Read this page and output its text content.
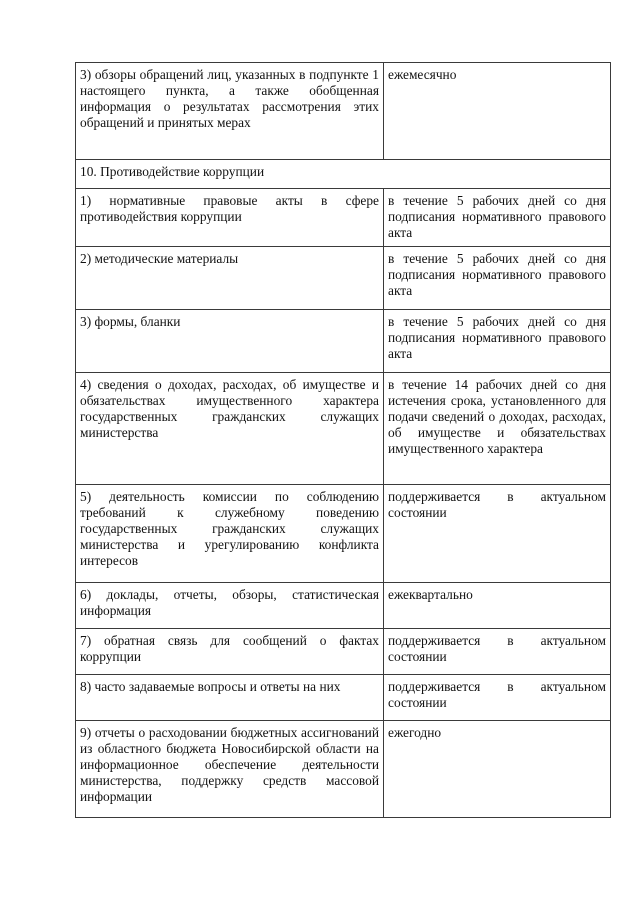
3) обзоры обращений лиц, указанных в подпункте 1 настоящего пункта, а также обобщенная информация о результатах рассмотрения этих обращений и принятых мерах	ежемесячно
10. Противодействие коррупции	
1) нормативные правовые акты в сфере противодействия коррупции	в течение 5 рабочих дней со дня подписания нормативного правового акта
2) методические материалы	в течение 5 рабочих дней со дня подписания нормативного правового акта
3) формы, бланки	в течение 5 рабочих дней со дня подписания нормативного правового акта
4) сведения о доходах, расходах, об имуществе и обязательствах имущественного характера государственных гражданских служащих министерства	в течение 14 рабочих дней со дня истечения срока, установленного для подачи сведений о доходах, расходах, об имуществе и обязательствах имущественного характера
5) деятельность комиссии по соблюдению требований к служебному поведению государственных гражданских служащих министерства и урегулированию конфликта интересов	поддерживается в актуальном состоянии
6) доклады, отчеты, обзоры, статистическая информация	ежеквартально
7) обратная связь для сообщений о фактах коррупции	поддерживается в актуальном состоянии
8) часто задаваемые вопросы и ответы на них	поддерживается в актуальном состоянии
9) отчеты о расходовании бюджетных ассигнований из областного бюджета Новосибирской области на информационное обеспечение деятельности министерства, поддержку средств массовой информации	ежегодно
